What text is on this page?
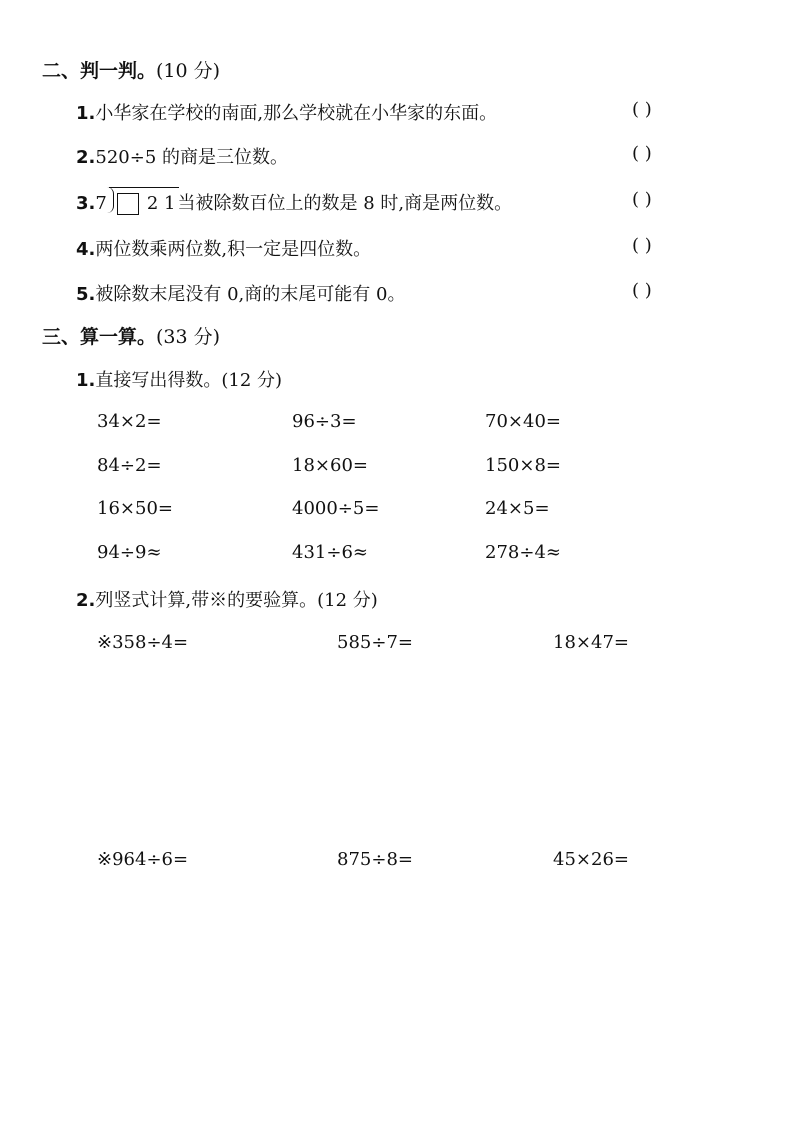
二、判一判。(10 分)
1.小华家在学校的南面,那么学校就在小华家的东面。	( )
2.520÷5 的商是三位数。	( )
3.7 2 1 当被除数百位上的数是 8 时,商是两位数。	( )
4.两位数乘两位数,积一定是四位数。	( )
5.被除数末尾没有 0,商的末尾可能有 0。	( )
三、算一算。(33 分)
1.直接写出得数。(12 分)
34×2=	96÷3=	70×40=
84÷2=	18×60=	150×8=
16×50=	4000÷5=	24×5=
94÷9≈	431÷6≈	278÷4≈
2.列竖式计算,带※的要验算。(12 分)
※358÷4=	585÷7=	18×47=
※964÷6=	875÷8=	45×26=
